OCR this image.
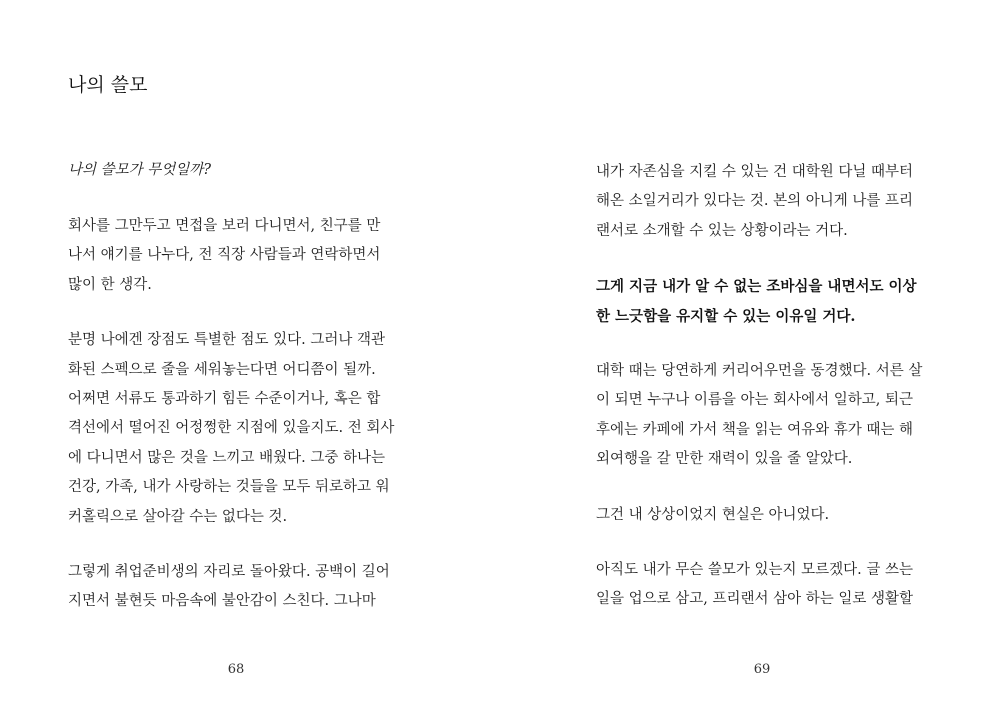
나의 쓸모

나의 쓸모가 무엇일까?

회사를 그만두고 면접을 보러 다니면서, 친구를 만
나서 얘기를 나누다, 전 직장 사람들과 연락하면서
많이 한 생각.

분명 나에겐 장점도 특별한 점도 있다. 그러나 객관
화된 스펙으로 줄을 세워놓는다면 어디쯤이 될까.
어쩌면 서류도 통과하기 힘든 수준이거나, 혹은 합
격선에서 떨어진 어정쩡한 지점에 있을지도. 전 회사
에 다니면서 많은 것을 느끼고 배웠다. 그중 하나는
건강, 가족, 내가 사랑하는 것들을 모두 뒤로하고 워
커홀릭으로 살아갈 수는 없다는 것.

그렇게 취업준비생의 자리로 돌아왔다. 공백이 길어
지면서 불현듯 마음속에 불안감이 스친다. 그나마

68

내가 자존심을 지킬 수 있는 건 대학원 다닐 때부터
해온 소일거리가 있다는 것. 본의 아니게 나를 프리
랜서로 소개할 수 있는 상황이라는 거다.

그게 지금 내가 알 수 없는 조바심을 내면서도 이상
한 느긋함을 유지할 수 있는 이유일 거다.

대학 때는 당연하게 커리어우먼을 동경했다. 서른 살
이 되면 누구나 이름을 아는 회사에서 일하고, 퇴근
후에는 카페에 가서 책을 읽는 여유와 휴가 때는 해
외여행을 갈 만한 재력이 있을 줄 알았다.

그건 내 상상이었지 현실은 아니었다.

아직도 내가 무슨 쓸모가 있는지 모르겠다. 글 쓰는
일을 업으로 삼고, 프리랜서 삼아 하는 일로 생활할

69
